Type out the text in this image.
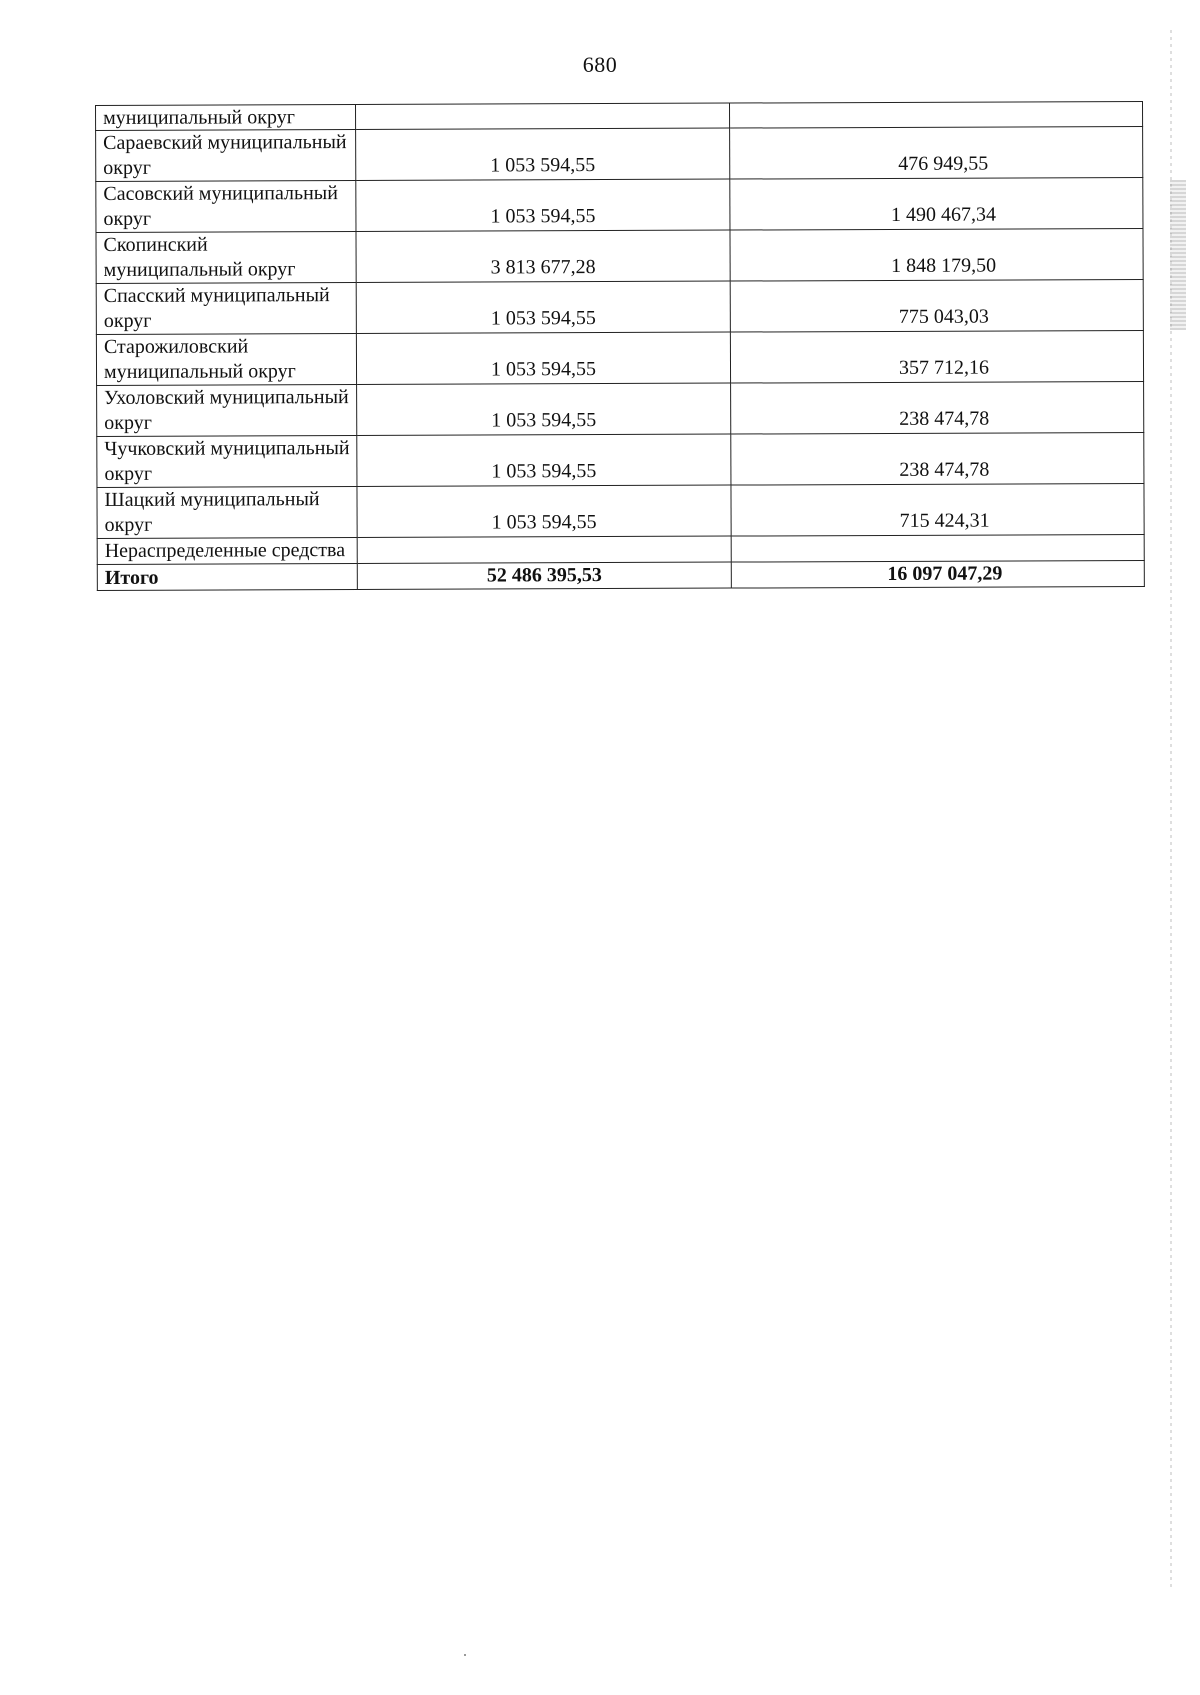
680
муниципальный округ		
Сараевский муниципальный округ	1 053 594,55	476 949,55
Сасовский муниципальный округ	1 053 594,55	1 490 467,34
Скопинский муниципальный округ	3 813 677,28	1 848 179,50
Спасский муниципальный округ	1 053 594,55	775 043,03
Старожиловский муниципальный округ	1 053 594,55	357 712,16
Ухоловский муниципальный округ	1 053 594,55	238 474,78
Чучковский муниципальный округ	1 053 594,55	238 474,78
Шацкий муниципальный округ	1 053 594,55	715 424,31
Нераспределенные средства		
Итого	52 486 395,53	16 097 047,29
